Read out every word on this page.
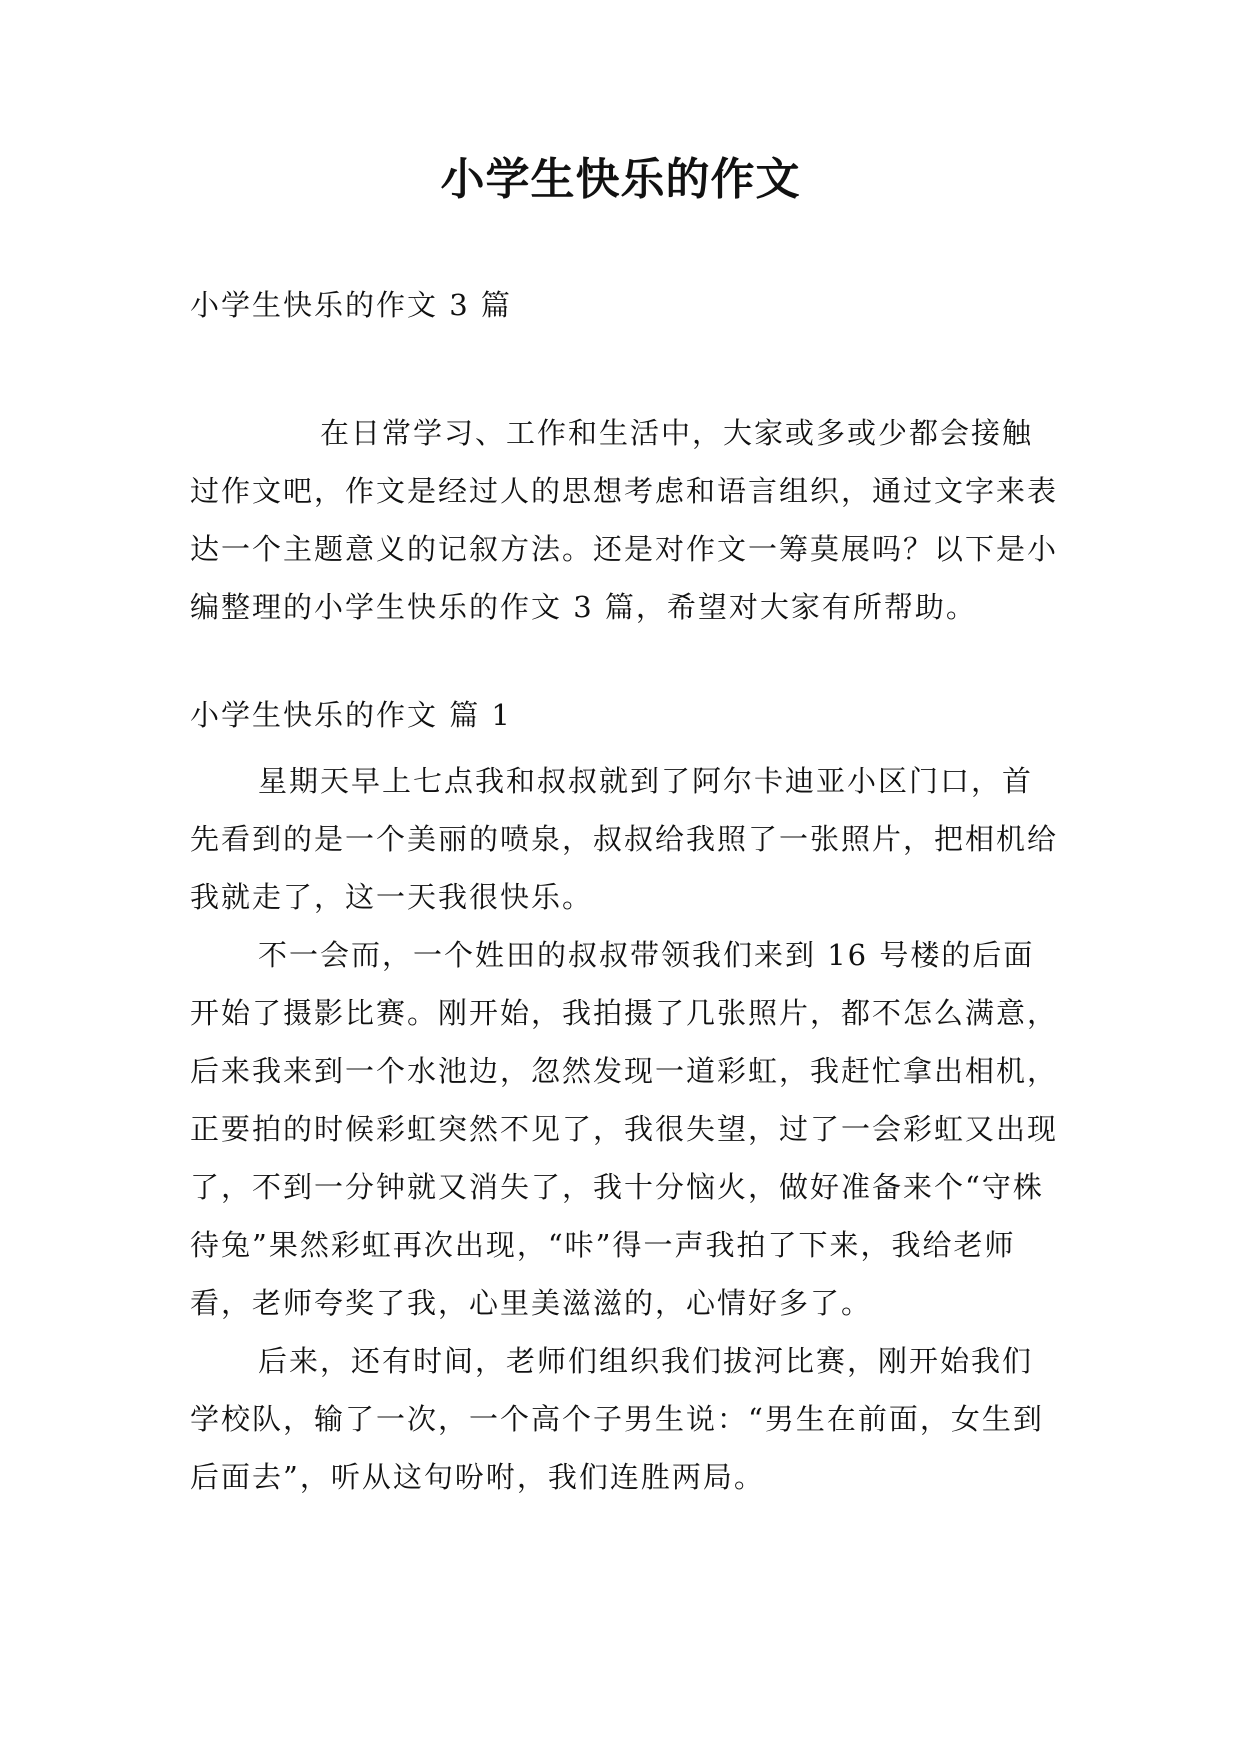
小学生快乐的作文
小学生快乐的作文 3 篇
在日常学习、工作和生活中，大家或多或少都会接触过作文吧，作文是经过人的思想考虑和语言组织，通过文字来表达一个主题意义的记叙方法。还是对作文一筹莫展吗？以下是小编整理的小学生快乐的作文 3 篇，希望对大家有所帮助。
小学生快乐的作文 篇 1

星期天早上七点我和叔叔就到了阿尔卡迪亚小区门口，首先看到的是一个美丽的喷泉，叔叔给我照了一张照片，把相机给我就走了，这一天我很快乐。

不一会而，一个姓田的叔叔带领我们来到 16 号楼的后面开始了摄影比赛。刚开始，我拍摄了几张照片，都不怎么满意，后来我来到一个水池边，忽然发现一道彩虹，我赶忙拿出相机，正要拍的时候彩虹突然不见了，我很失望，过了一会彩虹又出现了，不到一分钟就又消失了，我十分恼火，做好准备来个“守株待兔”果然彩虹再次出现，“咔”得一声我拍了下来，我给老师看，老师夸奖了我，心里美滋滋的，心情好多了。

后来，还有时间，老师们组织我们拔河比赛，刚开始我们学校队，输了一次，一个高个子男生说：“男生在前面，女生到后面去”，听从这句吩咐，我们连胜两局。
